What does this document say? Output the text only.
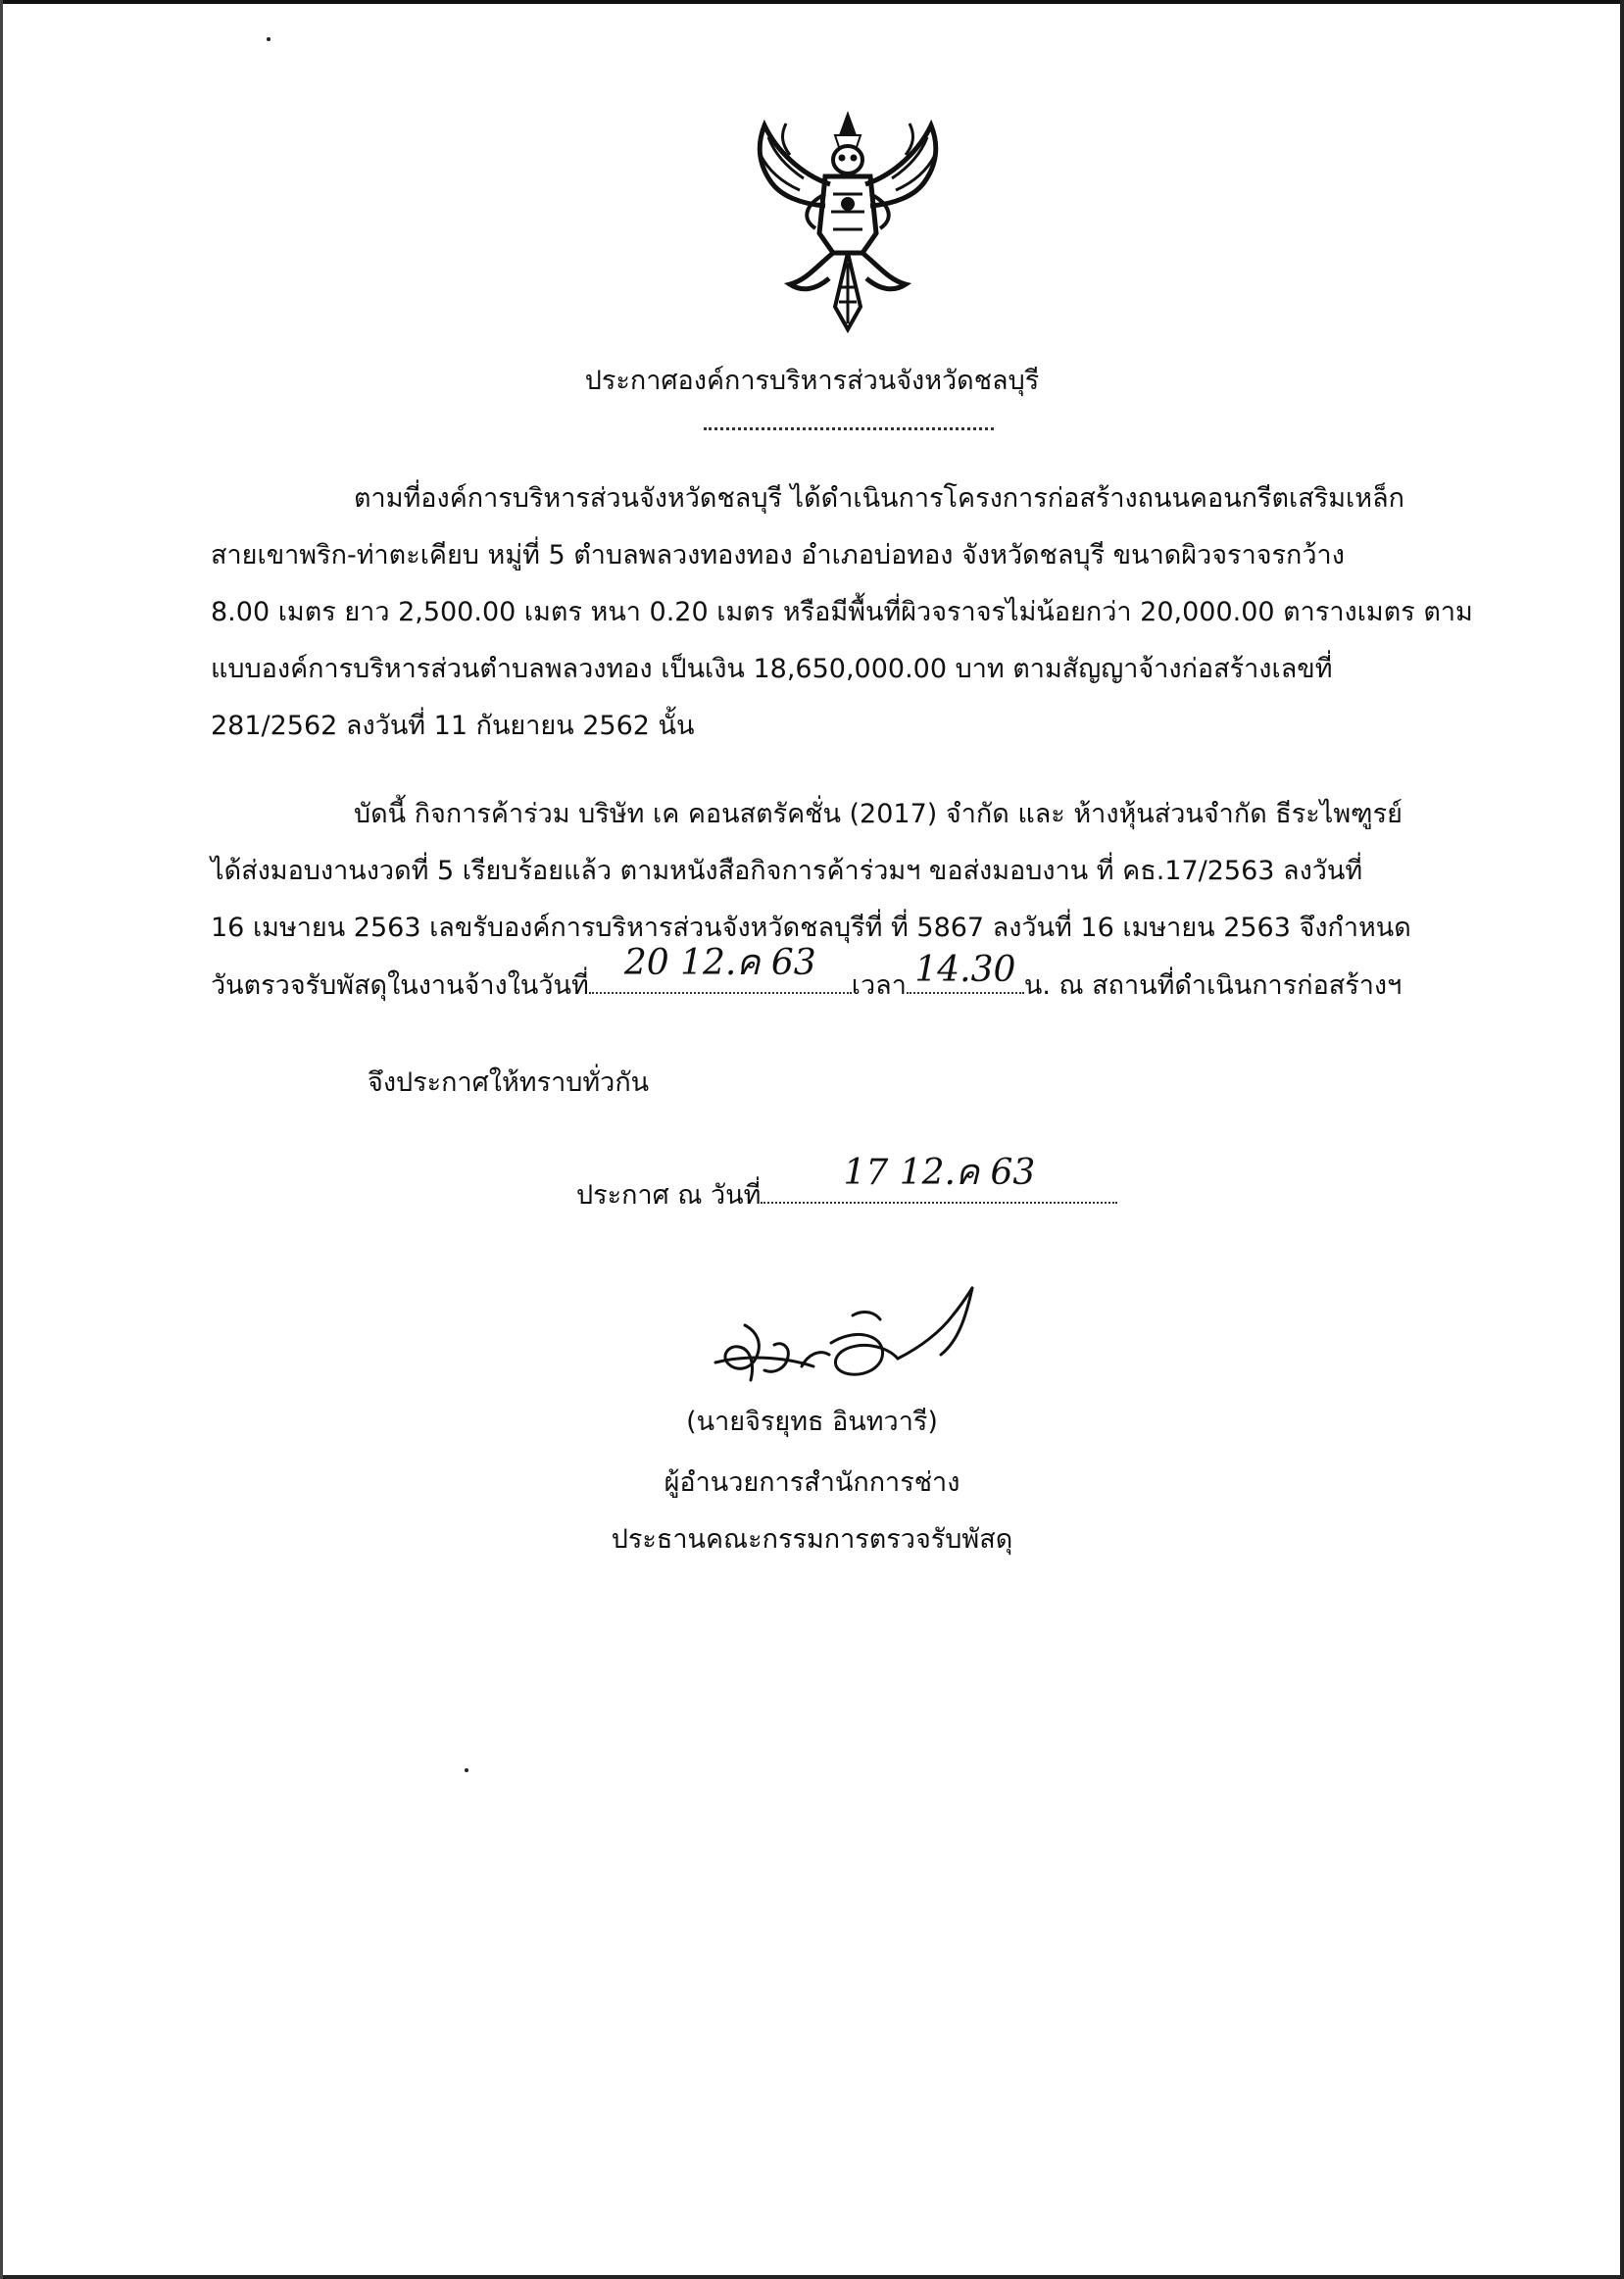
ประกาศองค์การบริหารส่วนจังหวัดชลบุรี
ตามที่องค์การบริหารส่วนจังหวัดชลบุรี ได้ดำเนินการโครงการก่อสร้างถนนคอนกรีตเสริมเหล็ก
สายเขาพริก-ท่าตะเคียบ หมู่ที่ 5 ตำบลพลวงทองทอง อำเภอบ่อทอง จังหวัดชลบุรี ขนาดผิวจราจรกว้าง
8.00 เมตร ยาว 2,500.00 เมตร หนา 0.20 เมตร หรือมีพื้นที่ผิวจราจรไม่น้อยกว่า 20,000.00 ตารางเมตร ตาม
แบบองค์การบริหารส่วนตำบลพลวงทอง เป็นเงิน 18,650,000.00 บาท ตามสัญญาจ้างก่อสร้างเลขที่
281/2562 ลงวันที่ 11 กันยายน 2562 นั้น
บัดนี้ กิจการค้าร่วม บริษัท เค คอนสตรัคชั่น (2017) จำกัด และ ห้างหุ้นส่วนจำกัด ธีระไพฑูรย์
ได้ส่งมอบงานงวดที่ 5 เรียบร้อยแล้ว ตามหนังสือกิจการค้าร่วมฯ ขอส่งมอบงาน ที่ คธ.17/2563 ลงวันที่
16 เมษายน 2563 เลขรับองค์การบริหารส่วนจังหวัดชลบุรีที่ ที่ 5867 ลงวันที่ 16 เมษายน 2563 จึงกำหนด
วันตรวจรับพัสดุในงานจ้างในวันที่
20 12.ค 63
เวลา 14.30 น. ณ สถานที่ดำเนินการก่อสร้างฯ
จึงประกาศให้ทราบทั่วกัน
ประกาศ ณ วันที่
17 12.ค 63
(นายจิรยุทธ อินทวารี)
ผู้อำนวยการสำนักการช่าง
ประธานคณะกรรมการตรวจรับพัสดุ
